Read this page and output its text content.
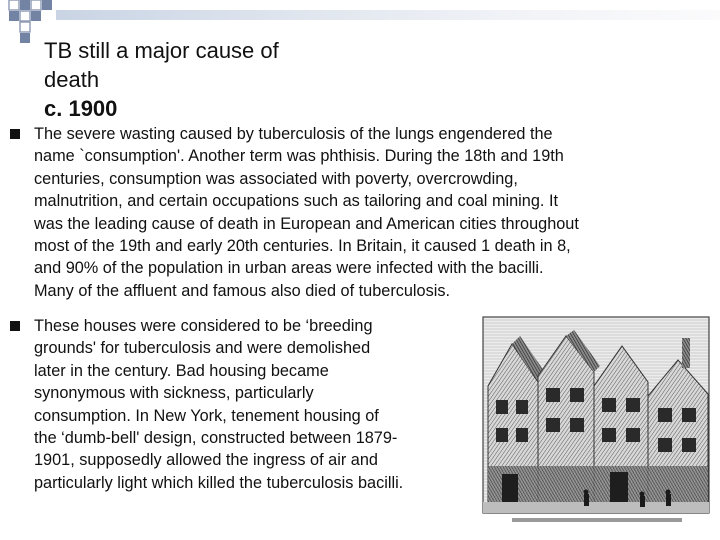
TB still a major cause of
death
c. 1900

The severe wasting caused by tuberculosis of the lungs engendered the
name `consumption'. Another term was phthisis. During the 18th and 19th
centuries, consumption was associated with poverty, overcrowding,
malnutrition, and certain occupations such as tailoring and coal mining. It
was the leading cause of death in European and American cities throughout
most of the 19th and early 20th centuries. In Britain, it caused 1 death in 8,
and 90% of the population in urban areas were infected with the bacilli.
Many of the affluent and famous also died of tuberculosis.

These houses were considered to be ‘breeding
grounds' for tuberculosis and were demolished
later in the century. Bad housing became
synonymous with sickness, particularly
consumption. In New York, tenement housing of
the ‘dumb-bell' design, constructed between 1879-
1901, supposedly allowed the ingress of air and
particularly light which killed the tuberculosis bacilli.
